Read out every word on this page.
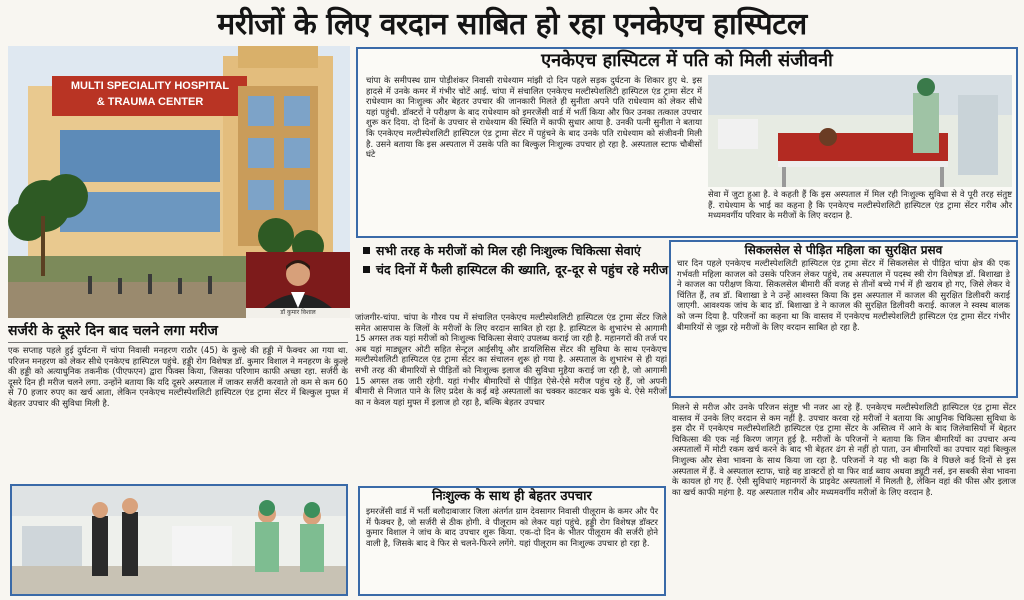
मरीजों के लिए वरदान साबित हो रहा एनकेएच हास्पिटल
MULTI SPECIALITY HOSPITAL
& TRAUMA CENTER
डॉ कुमार विशाल
एनकेएच हास्पिटल में पति को मिली संजीवनी
चांपा के समीपस्थ ग्राम पोड़ीशंकर निवासी राधेश्याम मांझी दो दिन पहले सड़क दुर्घटना के शिकार हुए थे. इस हादसे में उनके कमर में गंभीर चोटें आई. चांपा में संचालित एनकेएच मल्टीस्पेशलिटी हास्पिटल एंड ट्रामा सेंटर में राधेश्याम का निःशुल्क और बेहतर उपचार की जानकारी मिलते ही सुनीता अपने पति राधेश्याम को लेकर सीधे यहां पहुंची. डॉक्टरों ने परीक्षण के बाद राधेश्याम को इमरजेंसी वार्ड में भर्ती किया और फिर उनका तत्काल उपचार शुरू कर दिया. दो दिनों के उपचार से राधेश्याम की स्थिति में काफी सुधार आया है. उनकी पत्नी सुनीता ने बताया कि एनकेएच मल्टीस्पेशलिटी हास्पिटल एंड ट्रामा सेंटर में पहुंचने के बाद उनके पति राधेश्याम को संजीवनी मिली है. उसने बताया कि इस अस्पताल में उसके पति का बिल्कुल निःशुल्क उपचार हो रहा है. अस्पताल स्टाफ चौबीसों घंटे
सेवा में जुटा हुआ है. वे कहती हैं कि इस अस्पताल में मिल रही निःशुल्क सुविधा से वे पूरी तरह संतुष्ट हैं. राधेश्याम के भाई का कहना है कि एनकेएच मल्टीस्पेशलिटी हास्पिटल एंड ट्रामा सेंटर गरीब और मध्यमवर्गीय परिवार के मरीजों के लिए वरदान है.
सभी तरह के मरीजों को मिल रही निःशुल्क चिकित्सा सेवाएं
चंद दिनों में फैली हास्पिटल की ख्याति, दूर-दूर से पहुंच रहे मरीज
जांजगीर-चांपा. चांपा के गौरव पथ में संचालित एनकेएच मल्टीस्पेशलिटी हास्पिटल एंड ट्रामा सेंटर जिले समेत आसपास के जिलों के मरीजों के लिए वरदान साबित हो रहा है. हास्पिटल के शुभारंभ से आगामी 15 अगस्त तक यहां मरीजों को निःशुल्क चिकित्सा सेवाएं उपलब्ध कराई जा रही है. महानगरों की तर्ज पर अब यहां माड्यूलर ओटी सहित सेन्ट्रल आईसीयू और डायलिसिस सेंटर की सुविधा के साथ एनकेएच मल्टीस्पेशलिटी हास्पिटल एंड ट्रामा सेंटर का संचालन शुरू हो गया है. अस्पताल के शुभारंभ से ही यहां सभी तरह की बीमारियों से पीड़ितों को निःशुल्क इलाज की सुविधा मुहैया कराई जा रही है, जो आगामी 15 अगस्त तक जारी रहेगी. यहां गंभीर बीमारियों से पीड़ित ऐसे-ऐसे मरीज पहुंच रहे हैं, जो अपनी बीमारी से निजात पाने के लिए प्रदेश के कई बड़े अस्पतालों का चक्कर काटकर थक चुके थे. ऐसे मरीजों का न केवल यहां मुफ्त में इलाज हो रहा है, बल्कि बेहतर उपचार
सर्जरी के दूसरे दिन बाद चलने लगा मरीज
एक सप्ताह पहले हुई दुर्घटना में चांपा निवासी मनहरण राठौर (45) के कुल्हे की हड्डी में फैक्चर आ गया था. परिजन मनहरण को लेकर सीधे एनकेएच हास्पिटल पहुंचे. हड्डी रोग विशेषज्ञ डॉ. कुमार विशाल ने मनहरण के कुल्हे की हड्डी को अत्याधुनिक तकनीक (पीएफएन) द्वारा फिक्स किया, जिसका परिणाम काफी अच्छा रहा. सर्जरी के दूसरे दिन ही मरीज चलने लगा. उन्होंने बताया कि यदि दूसरे अस्पताल में जाकर सर्जरी करवाते तो कम से कम 60 से 70 हजार रुपए का खर्च आता, लेकिन एनकेएच मल्टीस्पेशलिटी हास्पिटल एंड ट्रामा सेंटर में बिल्कुल मुफ्त में बेहतर उपचार की सुविधा मिली है.
निःशुल्क के साथ ही बेहतर उपचार
इमरजेंसी वार्ड में भर्ती बलौदाबाजार जिला अंतर्गत ग्राम देवसागर निवासी पीलूराम के कमर और पैर में फैक्चर है, जो सर्जरी से ठीक होगी. वे पीलूराम को लेकर यहां पहुंचे. हड्डी रोग विशेषज्ञ डॉक्टर कुमार विशाल ने जांच के बाद उपचार शुरू किया. एक-दो दिन के भीतर पीलूराम की सर्जरी होने वाली है, जिसके बाद वे फिर से चलने-फिरने लगेंगे. यहां पीलूराम का निःशुल्क उपचार हो रहा है.
सिकलसेल से पीड़ित महिला का सुरक्षित प्रसव
चार दिन पहले एनकेएच मल्टीस्पेशलिटी हास्पिटल एंड ट्रामा सेंटर में सिकलसेल से पीड़ित चांपा क्षेत्र की एक गर्भवती महिला काजल को उसके परिजन लेकर पहुंचे, तब अस्पताल में पदस्थ स्त्री रोग विशेषज्ञ डॉ. बिशाखा डे ने काजल का परीक्षण किया. सिकलसेल बीमारी की वजह से तीनों बच्चे गर्भ में ही खराब हो गए, जिसे लेकर वे चिंतित हैं, तब डॉ. बिशाखा डे ने उन्हें आश्वस्त किया कि इस अस्पताल में काजल की सुरक्षित डिलीवरी कराई जाएगी. आवश्यक जांच के बाद डॉ. बिशाखा डे ने काजल की सुरक्षित डिलीवरी कराई. काजल ने स्वस्थ बालक को जन्म दिया है. परिजनों का कहना था कि वास्तव में एनकेएच मल्टीस्पेशलिटी हास्पिटल एंड ट्रामा सेंटर गंभीर बीमारियों से जूझ रहे मरीजों के लिए वरदान साबित हो रहा है.
मिलने से मरीज और उनके परिजन संतुष्ट भी नजर आ रहे हैं. एनकेएच मल्टीस्पेशलिटी हास्पिटल एंड ट्रामा सेंटर वास्तव में उनके लिए वरदान से कम नहीं है. उपचार करवा रहे मरीजों ने बताया कि आधुनिक चिकित्सा सुविधा के इस दौर में एनकेएच मल्टीस्पेशलिटी हास्पिटल एंड ट्रामा सेंटर के अस्तित्व में आने के बाद जिलेवासियों में बेहतर चिकित्सा की एक नई किरण जागृत हुई है. मरीजों के परिजनों ने बताया कि जिन बीमारियों का उपचार अन्य अस्पतालों में मोटी रकम खर्च करने के बाद भी बेहतर ढंग से नहीं हो पाता, उन बीमारियों का उपचार यहां बिल्कुल निःशुल्क और सेवा भावना के साथ किया जा रहा है. परिजनों ने यह भी कहा कि वे पिछले कई दिनों से इस अस्पताल में हैं. वे अस्पताल स्टाफ, चाहे वह डाक्टरों हो या फिर वार्ड ब्वाय अथवा ड्यूटी नर्स, इन सबकी सेवा भावना के कायल हो गए हैं. ऐसी सुविधाएं महानगरों के प्राइवेट अस्पतालों में मिलती है, लेकिन वहां की फीस और इलाज का खर्च काफी महंगा है. यह अस्पताल गरीब और मध्यमवर्गीय मरीजों के लिए वरदान है.
